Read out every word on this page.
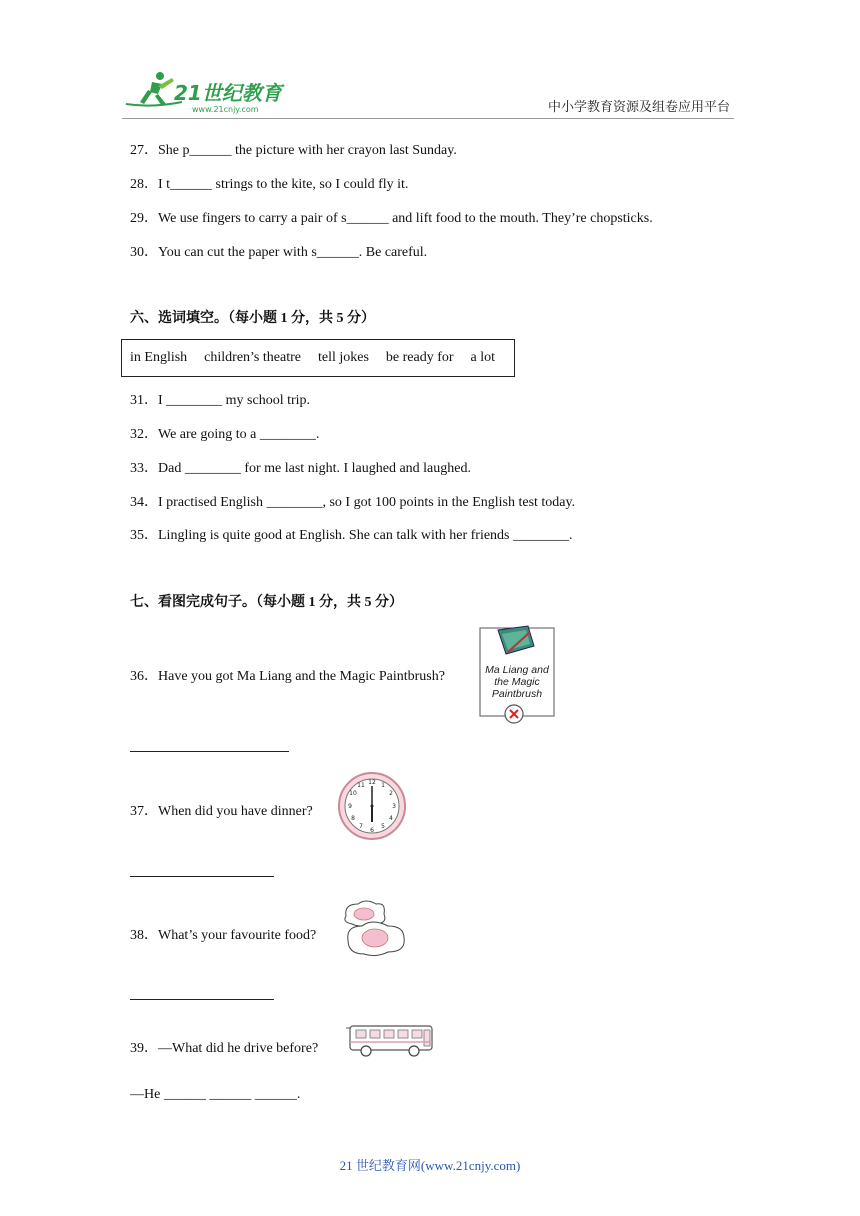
21世纪教育
www.21cnjy.com	中小学教育资源及组卷应用平台
27．She p______ the picture with her crayon last Sunday.
28．I t______ strings to the kite, so I could fly it.
29．We use fingers to carry a pair of s______ and lift food to the mouth. They’re chopsticks.
30．You can cut the paper with s______. Be careful.
六、选词填空。（每小题 1 分，共 5 分）
in English children’s theatre tell jokes be ready for a lot
31．I ________ my school trip.
32．We are going to a ________.
33．Dad ________ for me last night. I laughed and laughed.
34．I practised English ________, so I got 100 points in the English test today.
35．Lingling is quite good at English. She can talk with her friends ________.
七、看图完成句子。（每小题 1 分，共 5 分）
36．Have you got Ma Liang and the Magic Paintbrush?	Ma Liang and
the Magic
Paintbrush
37．When did you have dinner?
12 1
2
3
4
5
6
7
8
9
10
11
38．What’s your favourite food?
39．—What did he drive before?
—He ______ ______ ______.
21 世纪教育网(www.21cnjy.com)
